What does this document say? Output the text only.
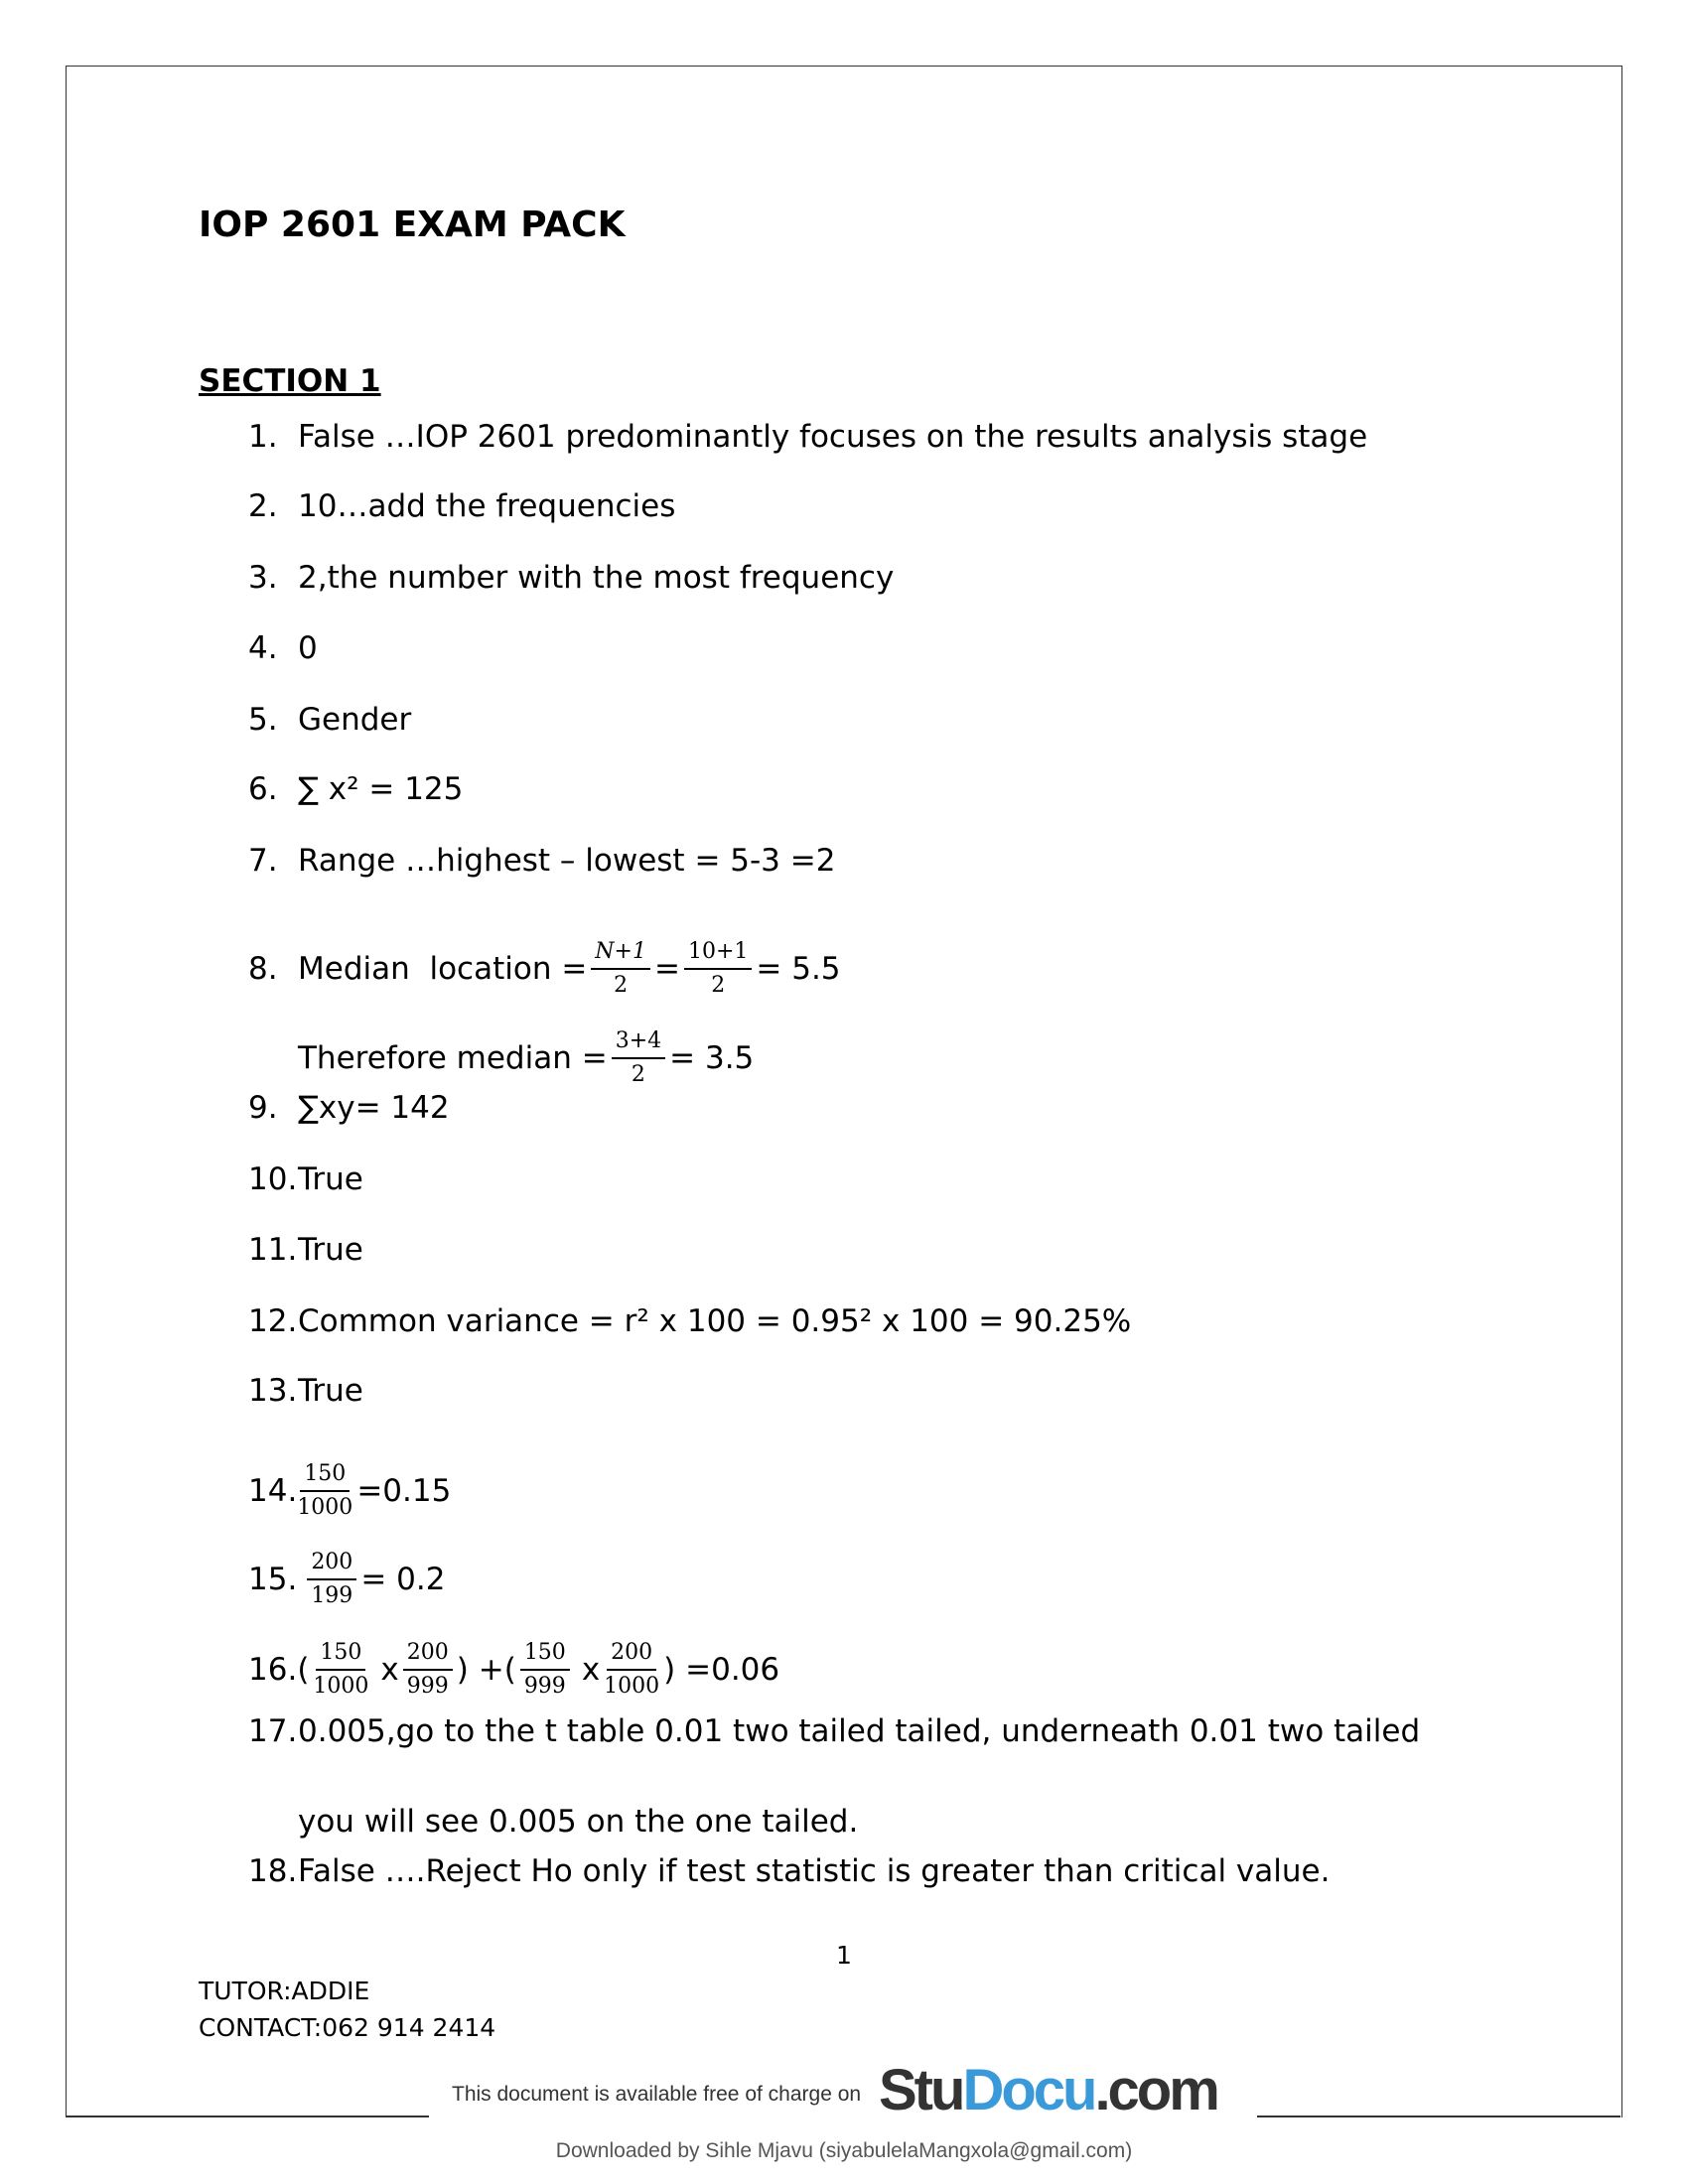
IOP 2601 EXAM PACK
SECTION 1
1. False …IOP 2601 predominantly focuses on the results analysis stage
2. 10…add the frequencies
3. 2,the number with the most frequency
4. 0
5. Gender
6. ∑ x² = 125
7. Range …highest – lowest = 5-3 =2
8. Median  location = $\frac{N+1}{2} = \frac{10+1}{2} = 5.5$
Therefore median = $\frac{3+4}{2} = 3.5$
9. ∑xy= 142
10. True
11. True
12. Common variance = r² x 100 = 0.95² x 100 = 90.25%
13. True
14. $\frac{150}{1000} =0.15$
15. $\frac{200}{199} = 0.2$
16. ( $\frac{150}{1000}$ x $\frac{200}{999}$ ) +( $\frac{150}{999}$ x $\frac{200}{1000}$ ) =0.06
17. 0.005,go to the t table 0.01 two tailed tailed, underneath 0.01 two tailed
you will see 0.005 on the one tailed.
18. False ….Reject Ho only if test statistic is greater than critical value.
1
TUTOR:ADDIE
CONTACT:062 914 2414
This document is available free of charge on StuDocu.com
Downloaded by Sihle Mjavu (siyabulelaMangxola@gmail.com)
